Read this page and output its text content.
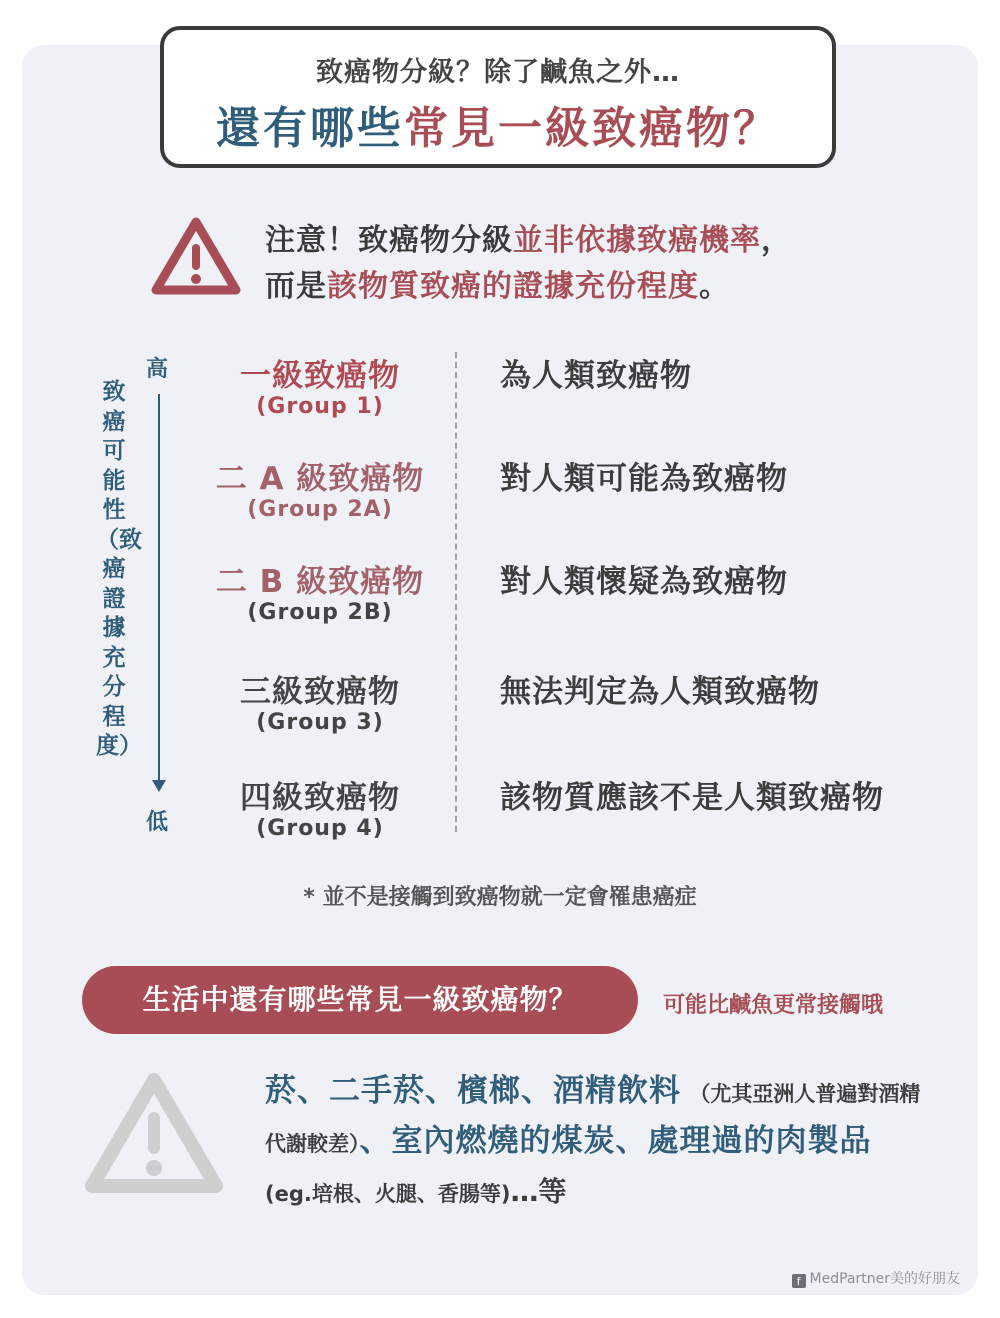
致癌物分級？除了鹹魚之外…
還有哪些常見一級致癌物？
注意！致癌物分級並非依據致癌機率，
而是該物質致癌的證據充份程度。
致癌可能性（致癌證據充分程度）
高
低
一級致癌物
(Group 1)
為人類致癌物
二 A 級致癌物
(Group 2A)
對人類可能為致癌物
二 B 級致癌物
(Group 2B)
對人類懷疑為致癌物
三級致癌物
(Group 3)
無法判定為人類致癌物
四級致癌物
(Group 4)
該物質應該不是人類致癌物
* 並不是接觸到致癌物就一定會罹患癌症
生活中還有哪些常見一級致癌物？	可能比鹹魚更常接觸哦
菸、二手菸、檳榔、酒精飲料 （尤其亞洲人普遍對酒精代謝較差）、室內燃燒的煤炭、處理過的肉製品 (eg.培根、火腿、香腸等)…等
f MedPartner美的好朋友
